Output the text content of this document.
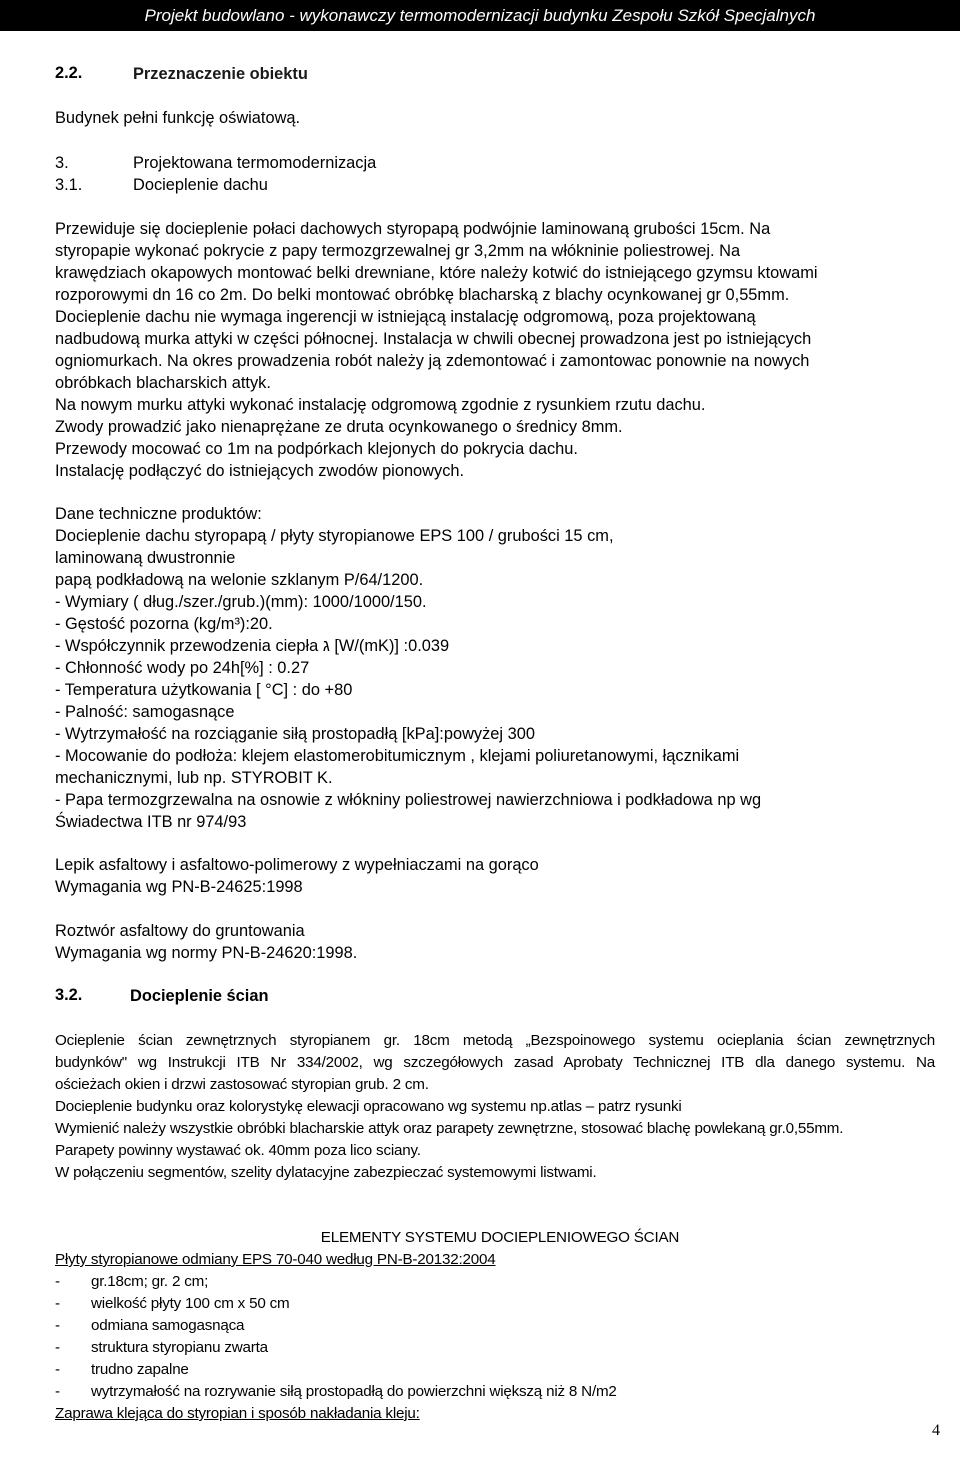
Projekt budowlano - wykonawczy termomodernizacji budynku Zespołu Szkół Specjalnych
2.2.	Przeznaczenie obiektu
Budynek pełni funkcję oświatową.
3.	Projektowana termomodernizacja
3.1.	Docieplenie dachu

Przewiduje się docieplenie połaci dachowych styropapą podwójnie laminowaną grubości 15cm. Na

styropapie wykonać pokrycie z papy termozgrzewalnej gr 3,2mm na włókninie poliestrowej. Na

krawędziach okapowych montować belki drewniane, które należy kotwić do istniejącego gzymsu ktowami

rozporowymi dn 16 co 2m. Do belki montować obróbkę blacharską z blachy ocynkowanej gr 0,55mm.

Docieplenie dachu nie wymaga ingerencji w istniejącą instalację odgromową, poza projektowaną

nadbudową murka attyki w części północnej. Instalacja w chwili obecnej prowadzona jest po istniejących

ogniomurkach. Na okres prowadzenia robót należy ją zdemontować i zamontowac ponownie na nowych

obróbkach blacharskich attyk.

Na nowym murku attyki wykonać instalację odgromową zgodnie z rysunkiem rzutu dachu.

Zwody prowadzić jako nienaprężane ze druta ocynkowanego o średnicy 8mm.

Przewody mocować co 1m na podpórkach klejonych do pokrycia dachu.

Instalację podłączyć do istniejących zwodów pionowych.

Dane techniczne produktów:

Docieplenie dachu styropapą / płyty styropianowe EPS 100 / grubości 15 cm,

laminowaną dwustronnie

papą podkładową na welonie szklanym P/64/1200.

- Wymiary ( dług./szer./grub.)(mm): 1000/1000/150.

- Gęstość pozorna (kg/m³):20.

- Współczynnik przewodzenia ciepła ג [W/(mK)] :0.039

- Chłonność wody po 24h[%] : 0.27

- Temperatura użytkowania [ °C] : do +80

- Palność: samogasnące

- Wytrzymałość na rozciąganie siłą prostopadłą [kPa]:powyżej 300

- Mocowanie do podłoża: klejem elastomerobitumicznym , klejami poliuretanowymi, łącznikami

mechanicznymi, lub np. STYROBIT K.

- Papa termozgrzewalna na osnowie z włókniny poliestrowej nawierzchniowa i podkładowa np wg

Świadectwa ITB nr 974/93

Lepik asfaltowy i asfaltowo-polimerowy z wypełniaczami na gorąco

Wymagania wg PN-B-24625:1998

Roztwór asfaltowy do gruntowania

Wymagania wg normy PN-B-24620:1998.

3.2.	Docieplenie ścian

Ocieplenie ścian zewnętrznych styropianem gr. 18cm metodą „Bezspoinowego systemu ocieplania ścian zewnętrznych

budynków" wg Instrukcji ITB Nr 334/2002, wg szczegółowych zasad Aprobaty Technicznej ITB dla danego systemu. Na

ościeżach okien i drzwi zastosować styropian grub. 2 cm.

Docieplenie budynku oraz kolorystykę elewacji opracowano wg systemu np.atlas – patrz rysunki

Wymienić należy wszystkie obróbki blacharskie attyk oraz parapety zewnętrzne, stosować blachę powlekaną gr.0,55mm.

Parapety powinny wystawać ok. 40mm poza lico sciany.

W połączeniu segmentów, szelity dylatacyjne zabezpieczać systemowymi listwami.

ELEMENTY SYSTEMU DOCIEPLENIOWEGO ŚCIAN
Płyty styropianowe odmiany EPS 70-040 według PN-B-20132:2004

- gr.18cm; gr. 2 cm;

- wielkość płyty 100 cm x 50 cm

- odmiana samogasnąca

- struktura styropianu zwarta

- trudno zapalne

- wytrzymałość na rozrywanie siłą prostopadłą do powierzchni większą niż 8 N/m2

Zaprawa klejąca do styropian i sposób nakładania kleju:
4
